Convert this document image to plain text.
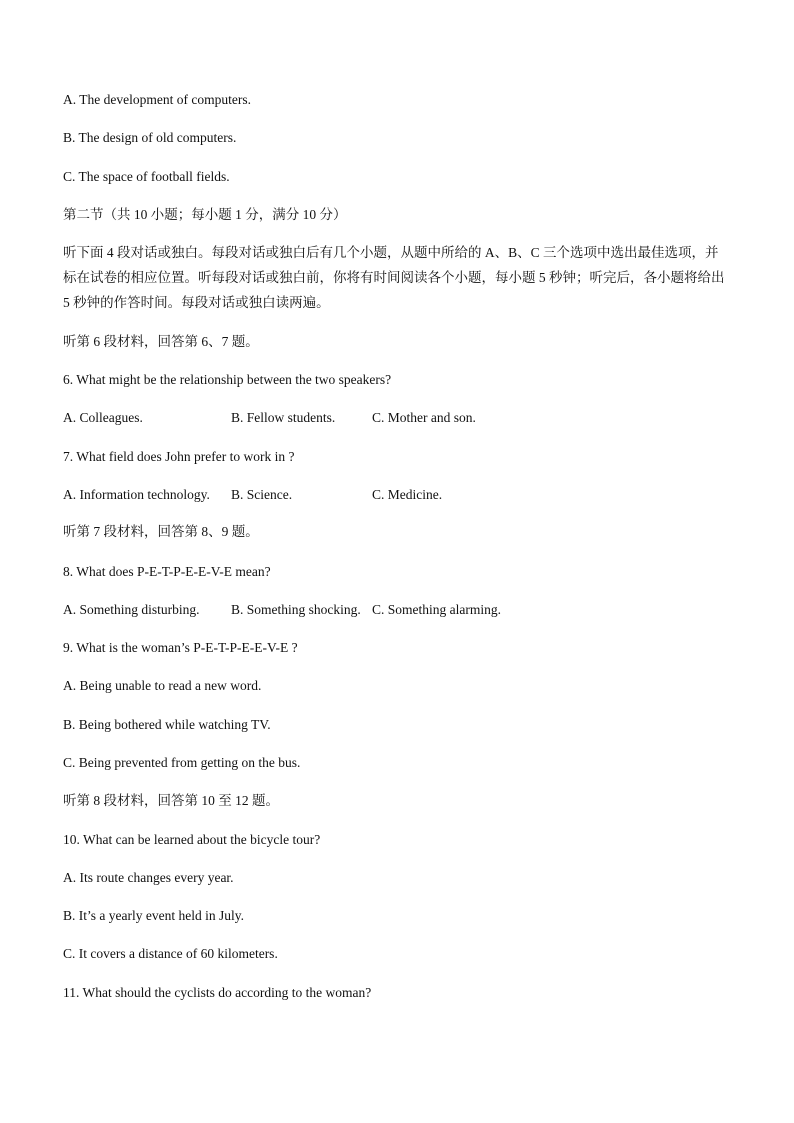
A. The development of computers.
B. The design of old computers.
C. The space of football fields.
第二节（共 10 小题；每小题 1 分，满分 10 分）
听下面 4 段对话或独白。每段对话或独白后有几个小题，从题中所给的 A、B、C 三个选项中选出最佳选项，并标在试卷的相应位置。听每段对话或独白前，你将有时间阅读各个小题，每小题 5 秒钟；听完后，各小题将给出 5 秒钟的作答时间。每段对话或独白读两遍。
听第 6 段材料，回答第 6、7 题。
6. What might be the relationship between the two speakers?
A. Colleagues.	B. Fellow students.	C. Mother and son.
7. What field does John prefer to work in ?
A. Information technology. B. Science.	C. Medicine.
听第 7 段材料，回答第 8、9 题。
8. What does P-E-T-P-E-E-V-E mean?
A. Something disturbing. B. Something shocking. C. Something alarming.
9. What is the woman’s P-E-T-P-E-E-V-E ?
A. Being unable to read a new word.
B. Being bothered while watching TV.
C. Being prevented from getting on the bus.
听第 8 段材料，回答第 10 至 12 题。
10. What can be learned about the bicycle tour?
A. Its route changes every year.
B. It’s a yearly event held in July.
C. It covers a distance of 60 kilometers.
11. What should the cyclists do according to the woman?
